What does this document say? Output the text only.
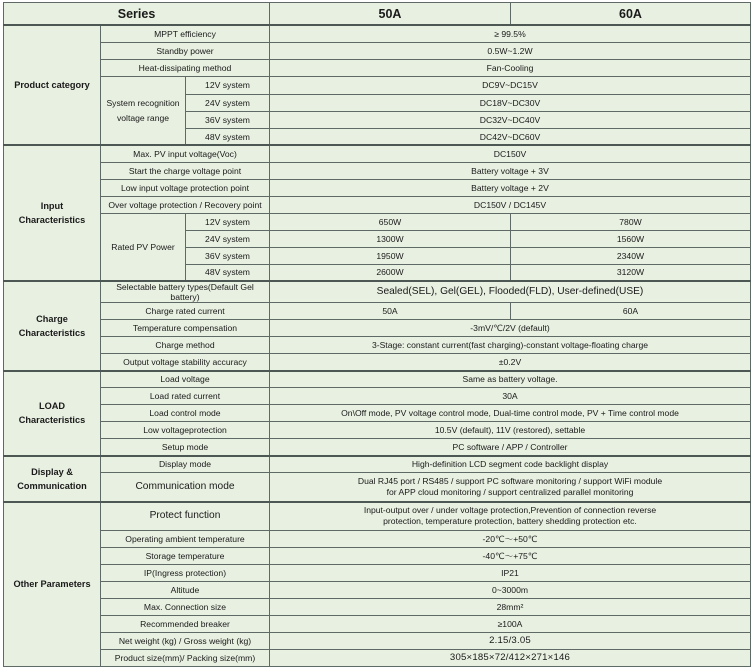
Series			50A	60A
Product category	MPPT efficiency		≥ 99.5%	
	Standby power		0.5W~1.2W	
	Heat-dissipating method		Fan-Cooling	
	System recognition voltage range	12V system	DC9V~DC15V	
		24V system	DC18V~DC30V	
		36V system	DC32V~DC40V	
		48V system	DC42V~DC60V	

Input Characteristics	Max. PV input voltage(Voc)		DC150V	
	Start the charge voltage point		Battery voltage + 3V	
	Low input voltage protection point		Battery voltage + 2V	
	Over voltage protection / Recovery point		DC150V / DC145V	
	Rated PV Power	12V system	650W	780W
		24V system	1300W	1560W
		36V system	1950W	2340W
		48V system	2600W	3120W
Charge Characteristics	Selectable battery types(Default Gel battery)		Sealed(SEL), Gel(GEL), Flooded(FLD), User-defined(USE)	
	Charge rated current		50A	60A
	Temperature compensation		-3mV/℃/2V (default)	
	Charge method		3-Stage: constant current(fast charging)-constant voltage-floating charge	
	Output voltage stability accuracy		±0.2V	
LOAD Characteristics	Load voltage		Same as battery voltage.	
	Load rated current		30A	
	Load control mode		On\Off mode, PV voltage control mode, Dual-time control mode, PV + Time control mode	
	Low voltageprotection		10.5V (default), 11V (restored), settable	
	Setup mode		PC software / APP / Controller	
Display & Communication	Display mode		High-definition LCD segment code backlight display	
	Communication mode		Dual RJ45 port / RS485 / support PC software monitoring / support WiFi module
for APP cloud monitoring / support centralized parallel monitoring	
Other Parameters	Protect function		Input-output over / under voltage protection,Prevention of connection reverse
protection, temperature protection, battery shedding protection etc.	
	Operating ambient temperature		-20℃～+50℃	
	Storage temperature		-40℃～+75℃	
	IP(Ingress protection)		IP21	
	Altitude		0~3000m	
	Max. Connection size		28mm²	
	Recommended breaker		≥100A	
	Net weight (kg) / Gross weight (kg)		2.15/3.05	
	Product size(mm)/ Packing size(mm)		305×185×72/412×271×146	
